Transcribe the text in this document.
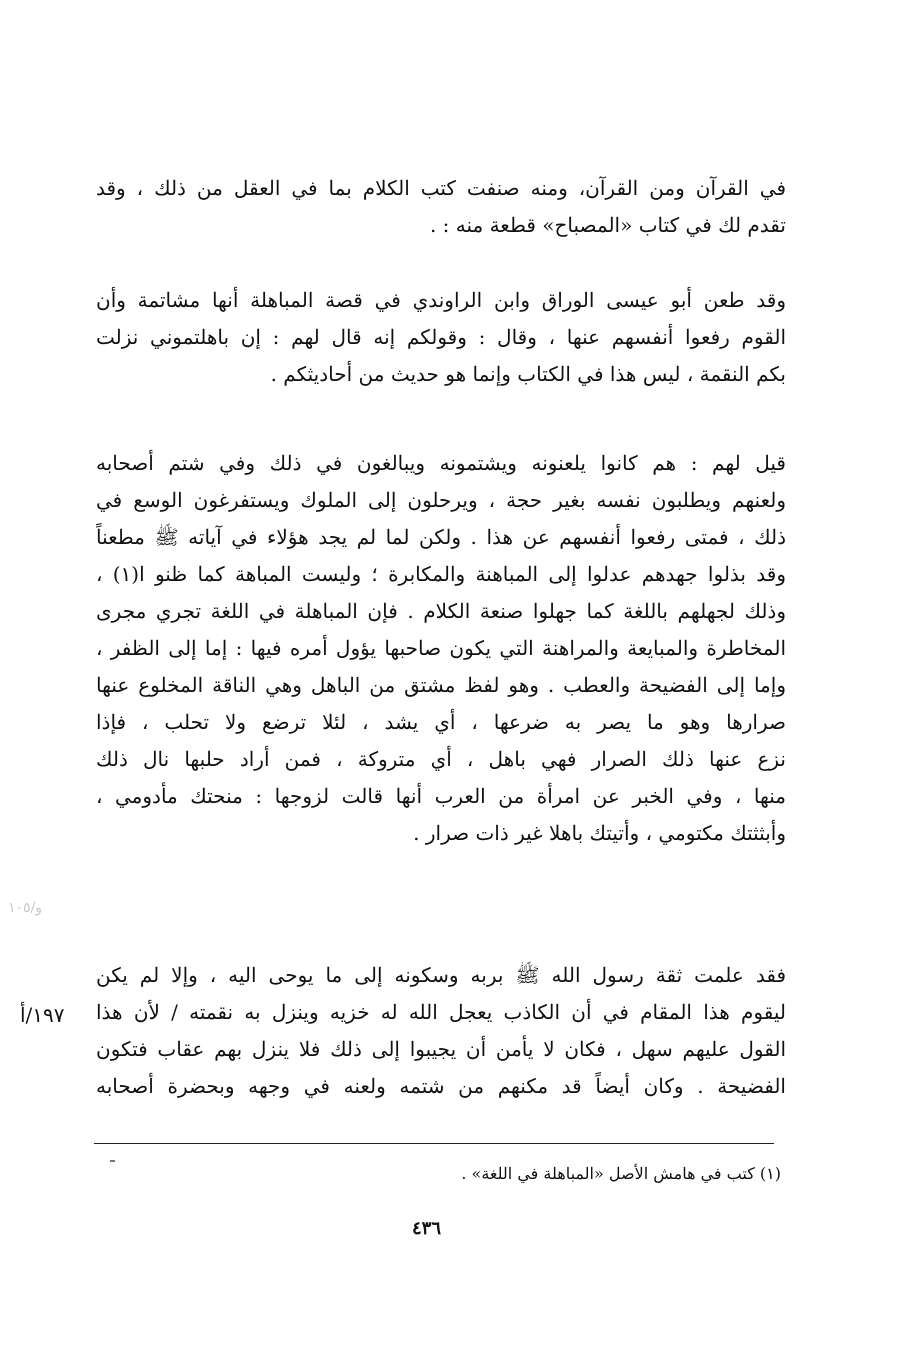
في القرآن ومن القرآن، ومنه صنفت كتب الكلام بما في العقل من ذلك ، وقد
تقدم لك في كتاب «المصباح» قطعة منه : .
وقد طعن أبو عيسى الوراق وابن الراوندي في قصة المباهلة أنها مشاتمة وأن
القوم رفعوا أنفسهم عنها ، وقال : وقولكم إنه قال لهم : إن باهلتموني نزلت
بكم النقمة ، ليس هذا في الكتاب وإنما هو حديث من أحاديثكم .
قيل لهم : هم كانوا يلعنونه ويشتمونه ويبالغون في ذلك وفي شتم أصحابه
ولعنهم ويطلبون نفسه بغير حجة ، ويرحلون إلى الملوك ويستفرغون الوسع في
ذلك ، فمتى رفعوا أنفسهم عن هذا . ولكن لما لم يجد هؤلاء في آياته ﷺ مطعناً
وقد بذلوا جهدهم عدلوا إلى المباهنة والمكابرة ؛ وليست المباهة كما ظنو ا(١) ،
وذلك لجهلهم باللغة كما جهلوا صنعة الكلام . فإن المباهلة في اللغة تجري مجرى
المخاطرة والمبايعة والمراهنة التي يكون صاحبها يؤول أمره فيها : إما إلى الظفر ،
وإما إلى الفضيحة والعطب . وهو لفظ مشتق من الباهل وهي الناقة المخلوع عنها
صرارها وهو ما يصر به ضرعها ، أي يشد ، لئلا ترضع ولا تحلب ، فإذا
نزع عنها ذلك الصرار فهي باهل ، أي متروكة ، فمن أراد حلبها نال ذلك
منها ، وفي الخبر عن امرأة من العرب أنها قالت لزوجها : منحتك مأدومي ،
وأبثثتك مكتومي ، وأتيتك باهلا غير ذات صرار .
و/١٠٥
فقد علمت ثقة رسول الله ﷺ بربه وسكونه إلى ما يوحى اليه ، وإلا لم يكن
ليقوم هذا المقام في أن الكاذب يعجل الله له خزيه وينزل به نقمته / لأن هذا
القول عليهم سهل ، فكان لا يأمن أن يجيبوا إلى ذلك فلا ينزل بهم عقاب فتكون
الفضيحة . وكان أيضاً قد مكنهم من شتمه ولعنه في وجهه وبحضرة أصحابه
١٩٧/أ
(١) كتب في هامش الأصل «المباهلة في اللغة» .
٤٣٦
